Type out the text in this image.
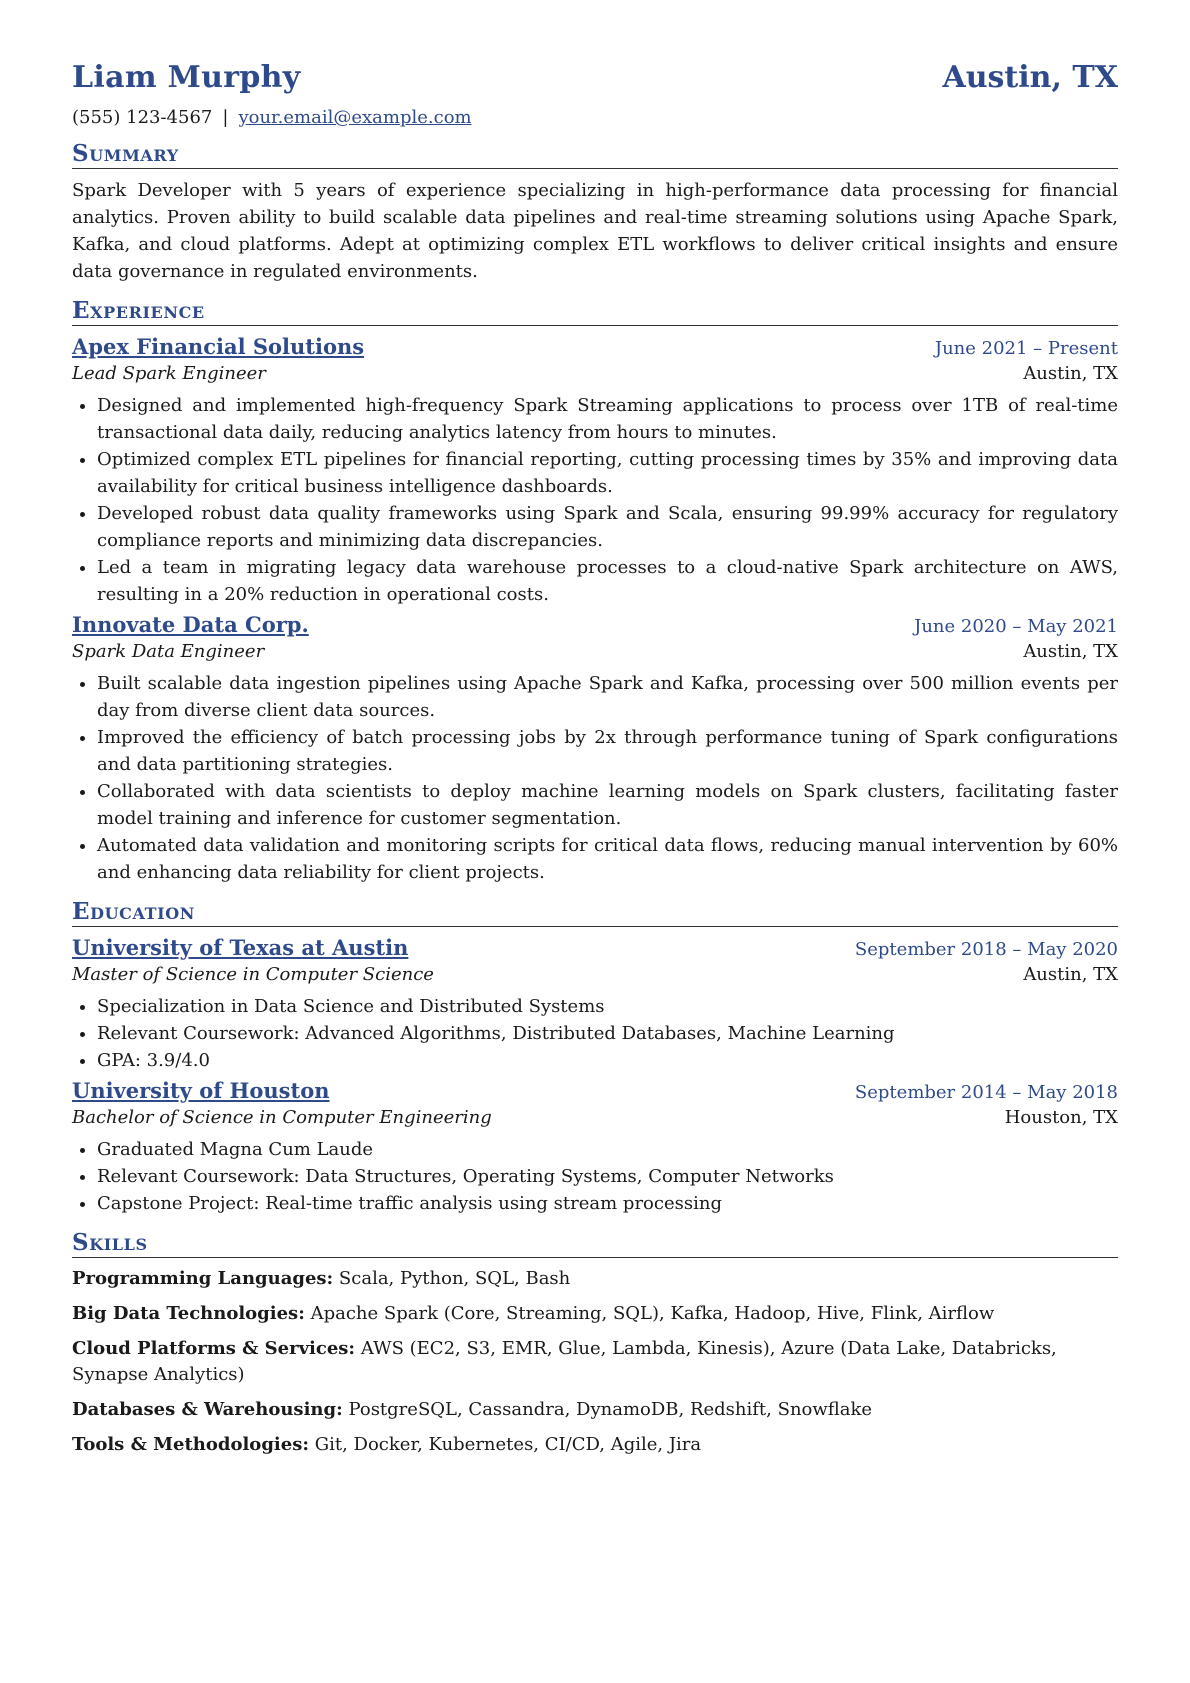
Liam Murphy	Austin, TX
(555) 123-4567 | your.email@example.com
Summary

Spark Developer with 5 years of experience specializing in high-performance data processing for financial analytics. Proven ability to build scalable data pipelines and real-time streaming solutions using Apache Spark, Kafka, and cloud platforms. Adept at optimizing complex ETL workflows to deliver critical insights and ensure data governance in regulated environments.

Experience
Apex Financial Solutions	June 2021 – Present
Lead Spark Engineer	Austin, TX
• Designed and implemented high-frequency Spark Streaming applications to process over 1TB of real-time transactional data daily, reducing analytics latency from hours to minutes.
• Optimized complex ETL pipelines for financial reporting, cutting processing times by 35% and improving data availability for critical business intelligence dashboards.
• Developed robust data quality frameworks using Spark and Scala, ensuring 99.99% accuracy for regulatory compliance reports and minimizing data discrepancies.
• Led a team in migrating legacy data warehouse processes to a cloud-native Spark architecture on AWS, resulting in a 20% reduction in operational costs.
Innovate Data Corp.	June 2020 – May 2021
Spark Data Engineer	Austin, TX
• Built scalable data ingestion pipelines using Apache Spark and Kafka, processing over 500 million events per day from diverse client data sources.
• Improved the efficiency of batch processing jobs by 2x through performance tuning of Spark configurations and data partitioning strategies.
• Collaborated with data scientists to deploy machine learning models on Spark clusters, facilitating faster model training and inference for customer segmentation.
• Automated data validation and monitoring scripts for critical data flows, reducing manual intervention by 60% and enhancing data reliability for client projects.
Education
University of Texas at Austin	September 2018 – May 2020
Master of Science in Computer Science	Austin, TX
• Specialization in Data Science and Distributed Systems
• Relevant Coursework: Advanced Algorithms, Distributed Databases, Machine Learning
• GPA: 3.9/4.0
University of Houston	September 2014 – May 2018
Bachelor of Science in Computer Engineering	Houston, TX
• Graduated Magna Cum Laude
• Relevant Coursework: Data Structures, Operating Systems, Computer Networks
• Capstone Project: Real-time traffic analysis using stream processing
Skills

Programming Languages: Scala, Python, SQL, Bash

Big Data Technologies: Apache Spark (Core, Streaming, SQL), Kafka, Hadoop, Hive, Flink, Airflow

Cloud Platforms & Services: AWS (EC2, S3, EMR, Glue, Lambda, Kinesis), Azure (Data Lake, Databricks, Synapse Analytics)

Databases & Warehousing: PostgreSQL, Cassandra, DynamoDB, Redshift, Snowflake

Tools & Methodologies: Git, Docker, Kubernetes, CI/CD, Agile, Jira
